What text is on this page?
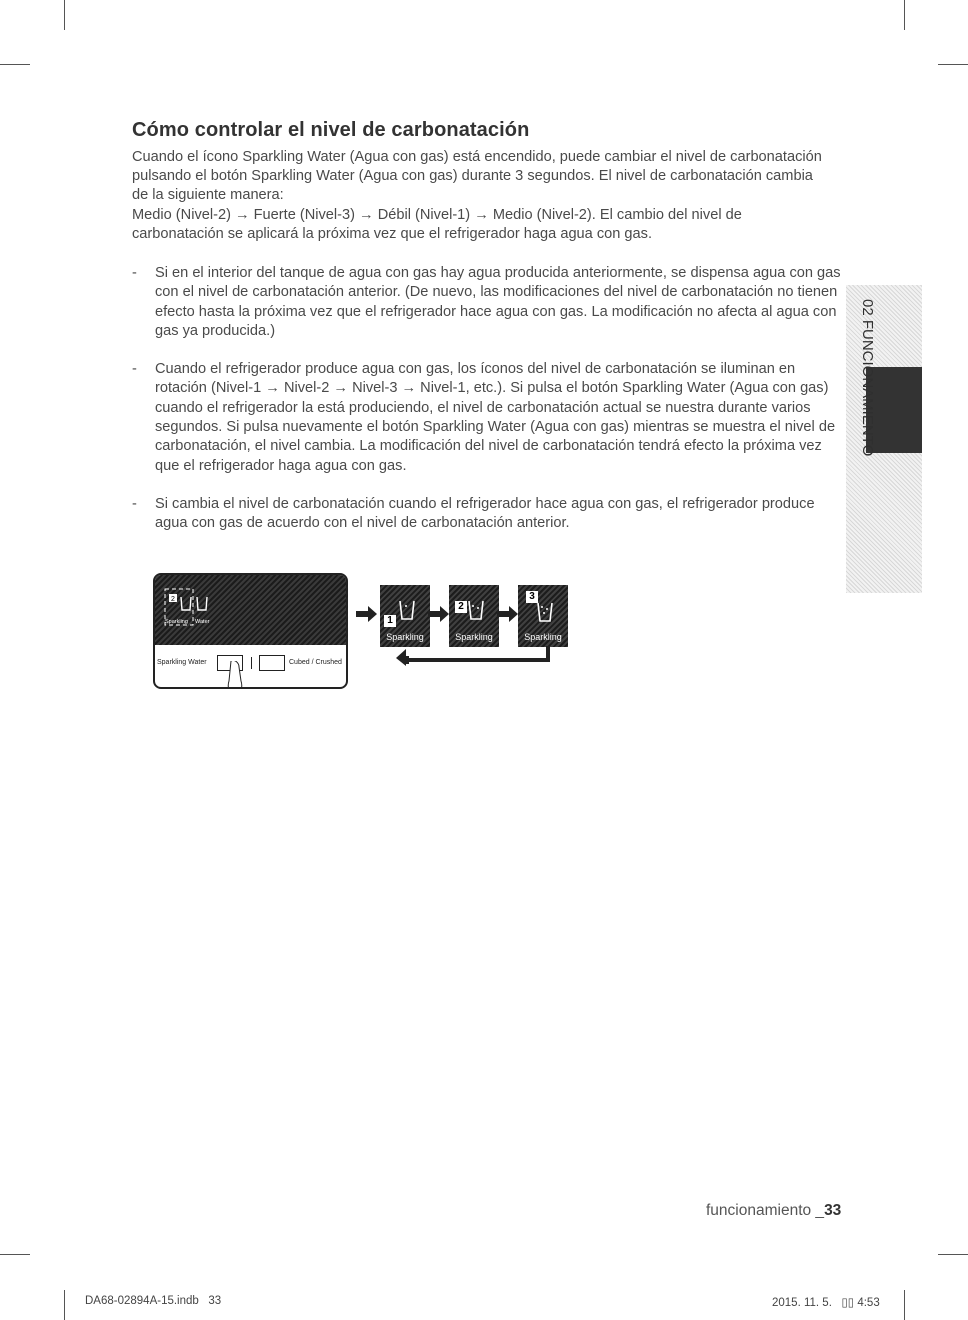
Cómo controlar el nivel de carbonatación

Cuando el ícono Sparkling Water (Agua con gas) está encendido, puede cambiar el nivel de carbonatación pulsando el botón Sparkling Water (Agua con gas) durante 3 segundos. El nivel de carbonatación cambia de la siguiente manera:

Medio (Nivel-2) → Fuerte (Nivel-3) → Débil (Nivel-1) → Medio (Nivel-2). El cambio del nivel de carbonatación se aplicará la próxima vez que el refrigerador haga agua con gas.

- Si en el interior del tanque de agua con gas hay agua producida anteriormente, se dispensa agua con gas con el nivel de carbonatación anterior. (De nuevo, las modificaciones del nivel de carbonatación no tienen efecto hasta la próxima vez que el refrigerador hace agua con gas. La modificación no afecta al agua con gas ya producida.)
- Cuando el refrigerador produce agua con gas, los íconos del nivel de carbonatación se iluminan en rotación (Nivel-1 → Nivel-2 → Nivel-3 → Nivel-1, etc.). Si pulsa el botón Sparkling Water (Agua con gas) cuando el refrigerador la está produciendo, el nivel de carbonatación actual se nuestra durante varios segundos. Si pulsa nuevamente el botón Sparkling Water (Agua con gas) mientras se muestra el nivel de carbonatación, el nivel cambia. La modificación del nivel de carbonatación tendrá efecto la próxima vez que el refrigerador haga agua con gas.
- Si cambia el nivel de carbonatación cuando el refrigerador hace agua con gas, el refrigerador produce agua con gas de acuerdo con el nivel de carbonatación anterior.
02 FUNCIONAMIENTO
2
Sparkling Water
Sparkling Water	Cubed / Crushed
1
Sparkling
2
Sparkling
3
Sparkling
funcionamiento _33
DA68-02894A-15.indb   33	2015. 11. 5.   ▯▯ 4:53
